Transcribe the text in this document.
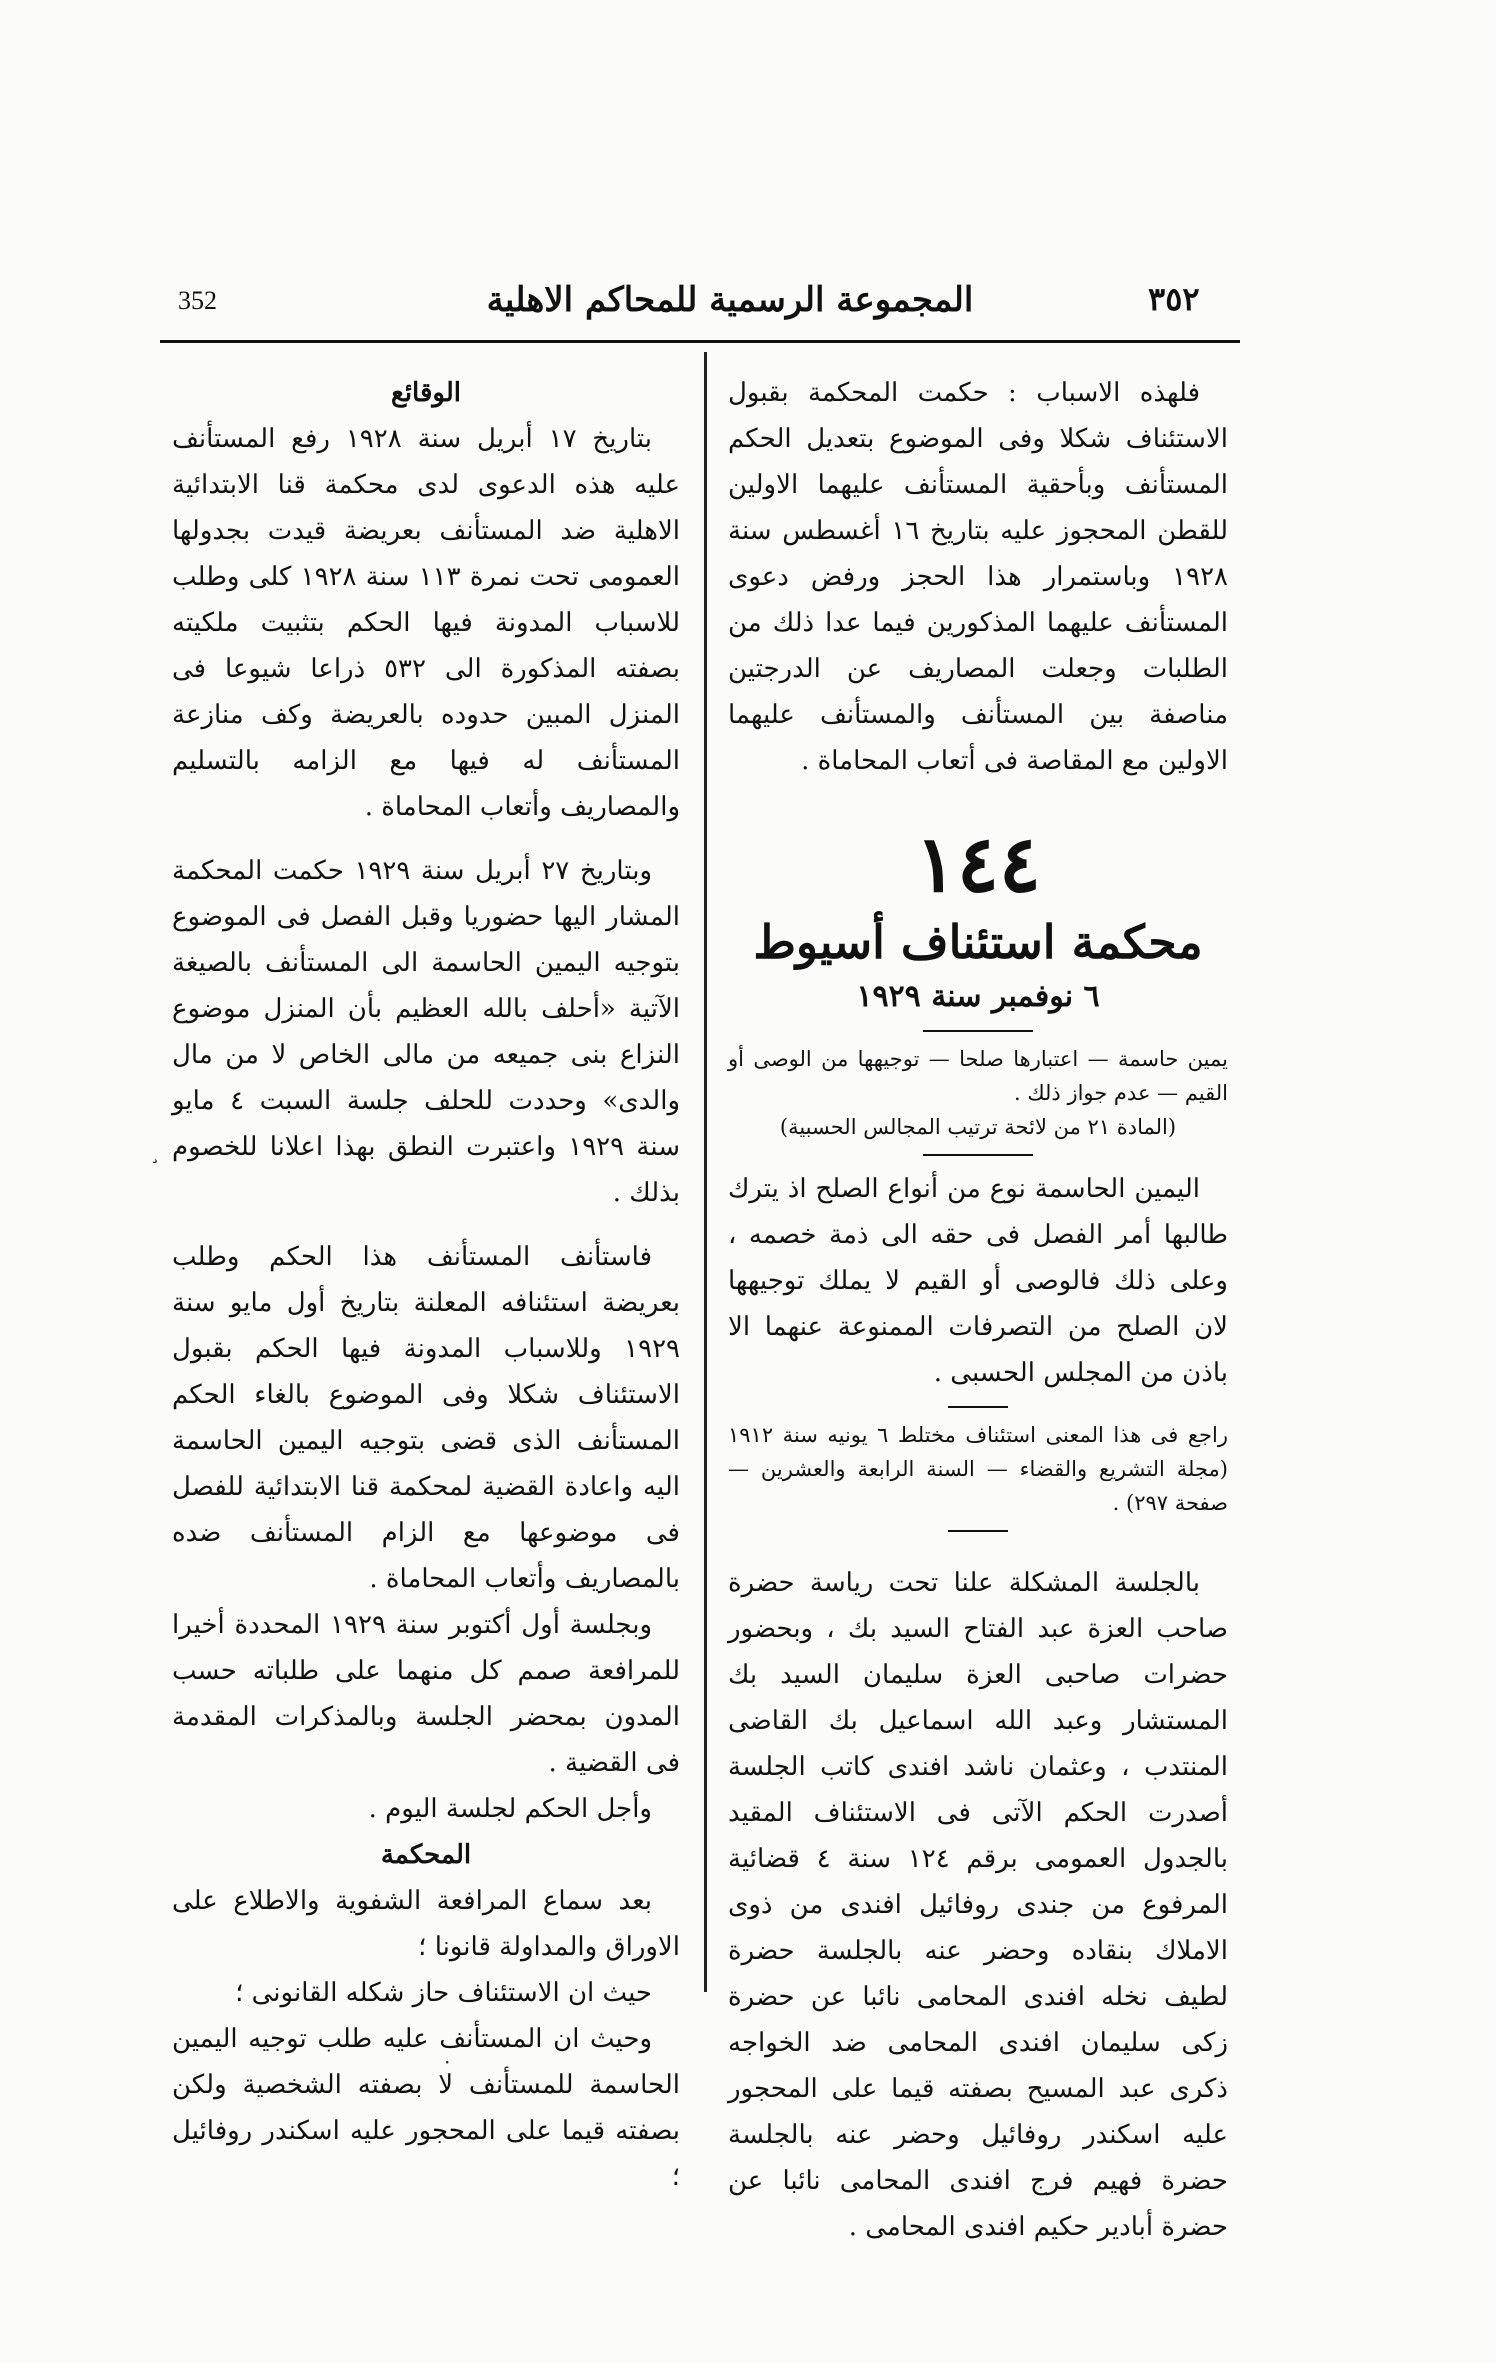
352	المجموعة الرسمية للمحاكم الاهلية	٣٥٢

فلهذه الاسباب : حكمت المحكمة بقبول الاستئناف شكلا وفى الموضوع بتعديل الحكم المستأنف وبأحقية المستأنف عليهما الاولين للقطن المحجوز عليه بتاريخ ١٦ أغسطس سنة ١٩٢٨ وباستمرار هذا الحجز ورفض دعوى المستأنف عليهما المذكورين فيما عدا ذلك من الطلبات وجعلت المصاريف عن الدرجتين مناصفة بين المستأنف والمستأنف عليهما الاولين مع المقاصة فى أتعاب المحاماة .

١٤٤

محكمة استئناف أسيوط

٦ نوفمبر سنة ١٩٢٩

يمين حاسمة — اعتبارها صلحا — توجيهها من الوصى أو القيم — عدم جواز ذلك .

(المادة ٢١ من لائحة ترتيب المجالس الحسبية)

اليمين الحاسمة نوع من أنواع الصلح اذ يترك طالبها أمر الفصل فى حقه الى ذمة خصمه ، وعلى ذلك فالوصى أو القيم لا يملك توجيهها لان الصلح من التصرفات الممنوعة عنهما الا باذن من المجلس الحسبى .

راجع فى هذا المعنى استئناف مختلط ٦ يونيه سنة ١٩١٢ (مجلة التشريع والقضاء — السنة الرابعة والعشرين — صفحة ٢٩٧) .

بالجلسة المشكلة علنا تحت رياسة حضرة صاحب العزة عبد الفتاح السيد بك ، وبحضور حضرات صاحبى العزة سليمان السيد بك المستشار وعبد الله اسماعيل بك القاضى المنتدب ، وعثمان ناشد افندى كاتب الجلسة أصدرت الحكم الآتى فى الاستئناف المقيد بالجدول العمومى برقم ١٢٤ سنة ٤ قضائية المرفوع من جندى روفائيل افندى من ذوى الاملاك بنقاده وحضر عنه بالجلسة حضرة لطيف نخله افندى المحامى نائبا عن حضرة زكى سليمان افندى المحامى ضد الخواجه ذكرى عبد المسيح بصفته قيما على المحجور عليه اسكندر روفائيل وحضر عنه بالجلسة حضرة فهيم فرج افندى المحامى نائبا عن حضرة أبادير حكيم افندى المحامى .

الوقائع

بتاريخ ١٧ أبريل سنة ١٩٢٨ رفع المستأنف عليه هذه الدعوى لدى محكمة قنا الابتدائية الاهلية ضد المستأنف بعريضة قيدت بجدولها العمومى تحت نمرة ١١٣ سنة ١٩٢٨ كلى وطلب للاسباب المدونة فيها الحكم بتثبيت ملكيته بصفته المذكورة الى ٥٣٢ ذراعا شيوعا فى المنزل المبين حدوده بالعريضة وكف منازعة المستأنف له فيها مع الزامه بالتسليم والمصاريف وأتعاب المحاماة .

وبتاريخ ٢٧ أبريل سنة ١٩٢٩ حكمت المحكمة المشار اليها حضوريا وقبل الفصل فى الموضوع بتوجيه اليمين الحاسمة الى المستأنف بالصيغة الآتية «أحلف بالله العظيم بأن المنزل موضوع النزاع بنى جميعه من مالى الخاص لا من مال والدى» وحددت للحلف جلسة السبت ٤ مايو سنة ١٩٢٩ واعتبرت النطق بهذا اعلانا للخصوم بذلك .

فاستأنف المستأنف هذا الحكم وطلب بعريضة استئنافه المعلنة بتاريخ أول مايو سنة ١٩٢٩ وللاسباب المدونة فيها الحكم بقبول الاستئناف شكلا وفى الموضوع بالغاء الحكم المستأنف الذى قضى بتوجيه اليمين الحاسمة اليه واعادة القضية لمحكمة قنا الابتدائية للفصل فى موضوعها مع الزام المستأنف ضده بالمصاريف وأتعاب المحاماة .

وبجلسة أول أكتوبر سنة ١٩٢٩ المحددة أخيرا للمرافعة صمم كل منهما على طلباته حسب المدون بمحضر الجلسة وبالمذكرات المقدمة فى القضية .

وأجل الحكم لجلسة اليوم .

المحكمة

بعد سماع المرافعة الشفوية والاطلاع على الاوراق والمداولة قانونا ؛

حيث ان الاستئناف حاز شكله القانونى ؛

وحيث ان المستأنف عليه طلب توجيه اليمين الحاسمة للمستأنف لا بصفته الشخصية ولكن بصفته قيما على المحجور عليه اسكندر روفائيل ؛

¸
·
